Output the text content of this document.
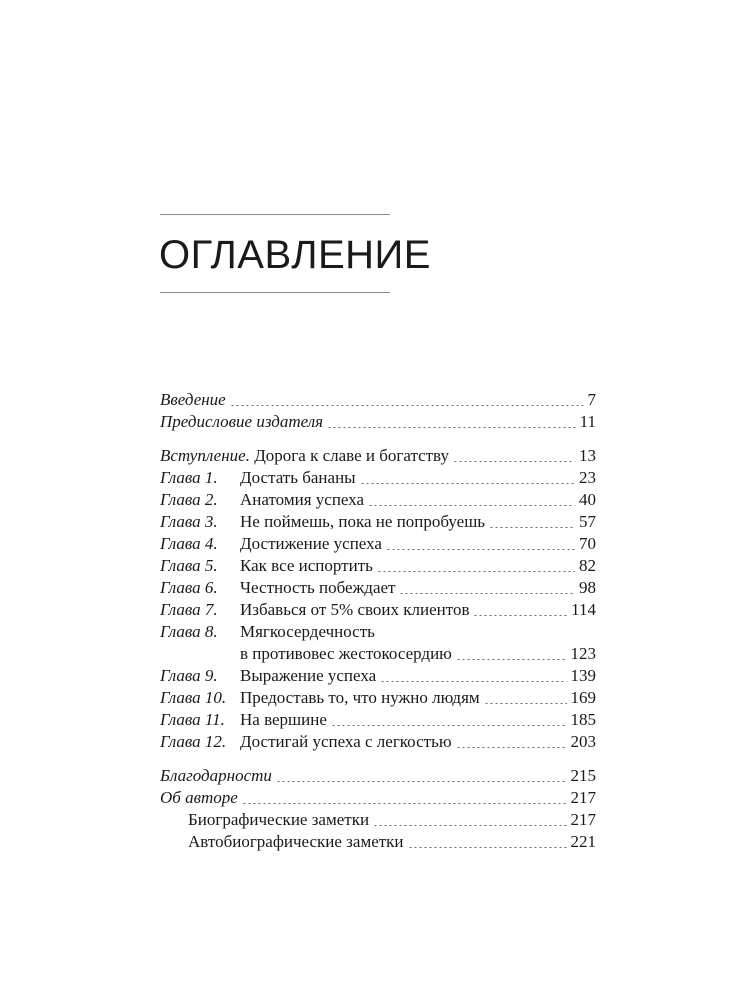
ОГЛАВЛЕНИЕ
Введение	7
Предисловие издателя	11
Вступление. Дорога к славе и богатству	13
Глава 1.	Достать бананы	23
Глава 2.	Анатомия успеха	40
Глава 3.	Не поймешь, пока не попробуешь	57
Глава 4.	Достижение успеха	70
Глава 5.	Как все испортить	82
Глава 6.	Честность побеждает	98
Глава 7.	Избавься от 5% своих клиентов	114
Глава 8.	Мягкосердечность
в противовес жестокосердию	123
Глава 9.	Выражение успеха	139
Глава 10. Предоставь то, что нужно людям	169
Глава 11. На вершине	185
Глава 12. Достигай успеха с легкостью	203
Благодарности	215
Об авторе	217
Биографические заметки	217
Автобиографические заметки	221
